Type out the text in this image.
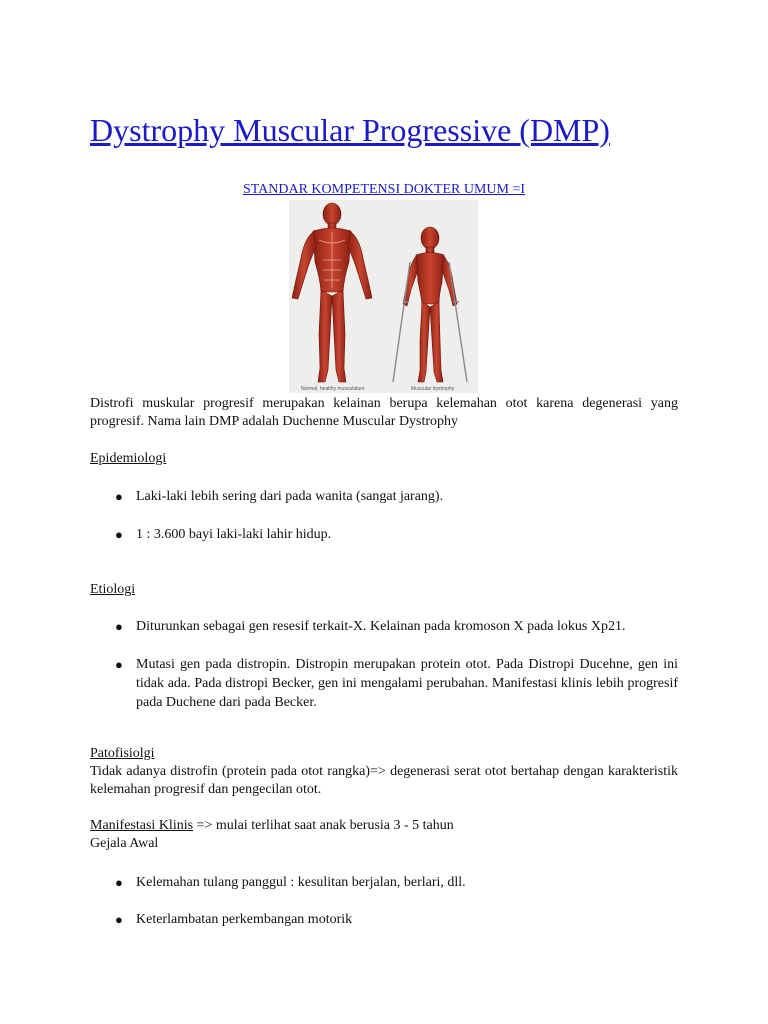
Dystrophy Muscular Progressive (DMP)

STANDAR KOMPETENSI DOKTER UMUM =I

Normal, healthy musculature	Muscular dystrophy

Distrofi muskular progresif merupakan kelainan berupa kelemahan otot karena degenerasi yang progresif. Nama lain DMP adalah Duchenne Muscular Dystrophy

Epidemiologi

● Laki-laki lebih sering dari pada wanita (sangat jarang).
● 1 : 3.600 bayi laki-laki lahir hidup.

Etiologi

● Diturunkan sebagai gen resesif terkait-X. Kelainan pada kromoson X pada lokus Xp21.
● Mutasi gen pada distropin. Distropin merupakan protein otot. Pada Distropi Ducehne, gen ini tidak ada. Pada distropi Becker, gen ini mengalami perubahan. Manifestasi klinis lebih progresif pada Duchene dari pada Becker.

Patofisiolgi

Tidak adanya distrofin (protein pada otot rangka)=> degenerasi serat otot bertahap dengan karakteristik kelemahan progresif dan pengecilan otot.

Manifestasi Klinis => mulai terlihat saat anak berusia 3 - 5 tahun

Gejala Awal

● Kelemahan tulang panggul : kesulitan berjalan, berlari, dll.
● Keterlambatan perkembangan motorik
